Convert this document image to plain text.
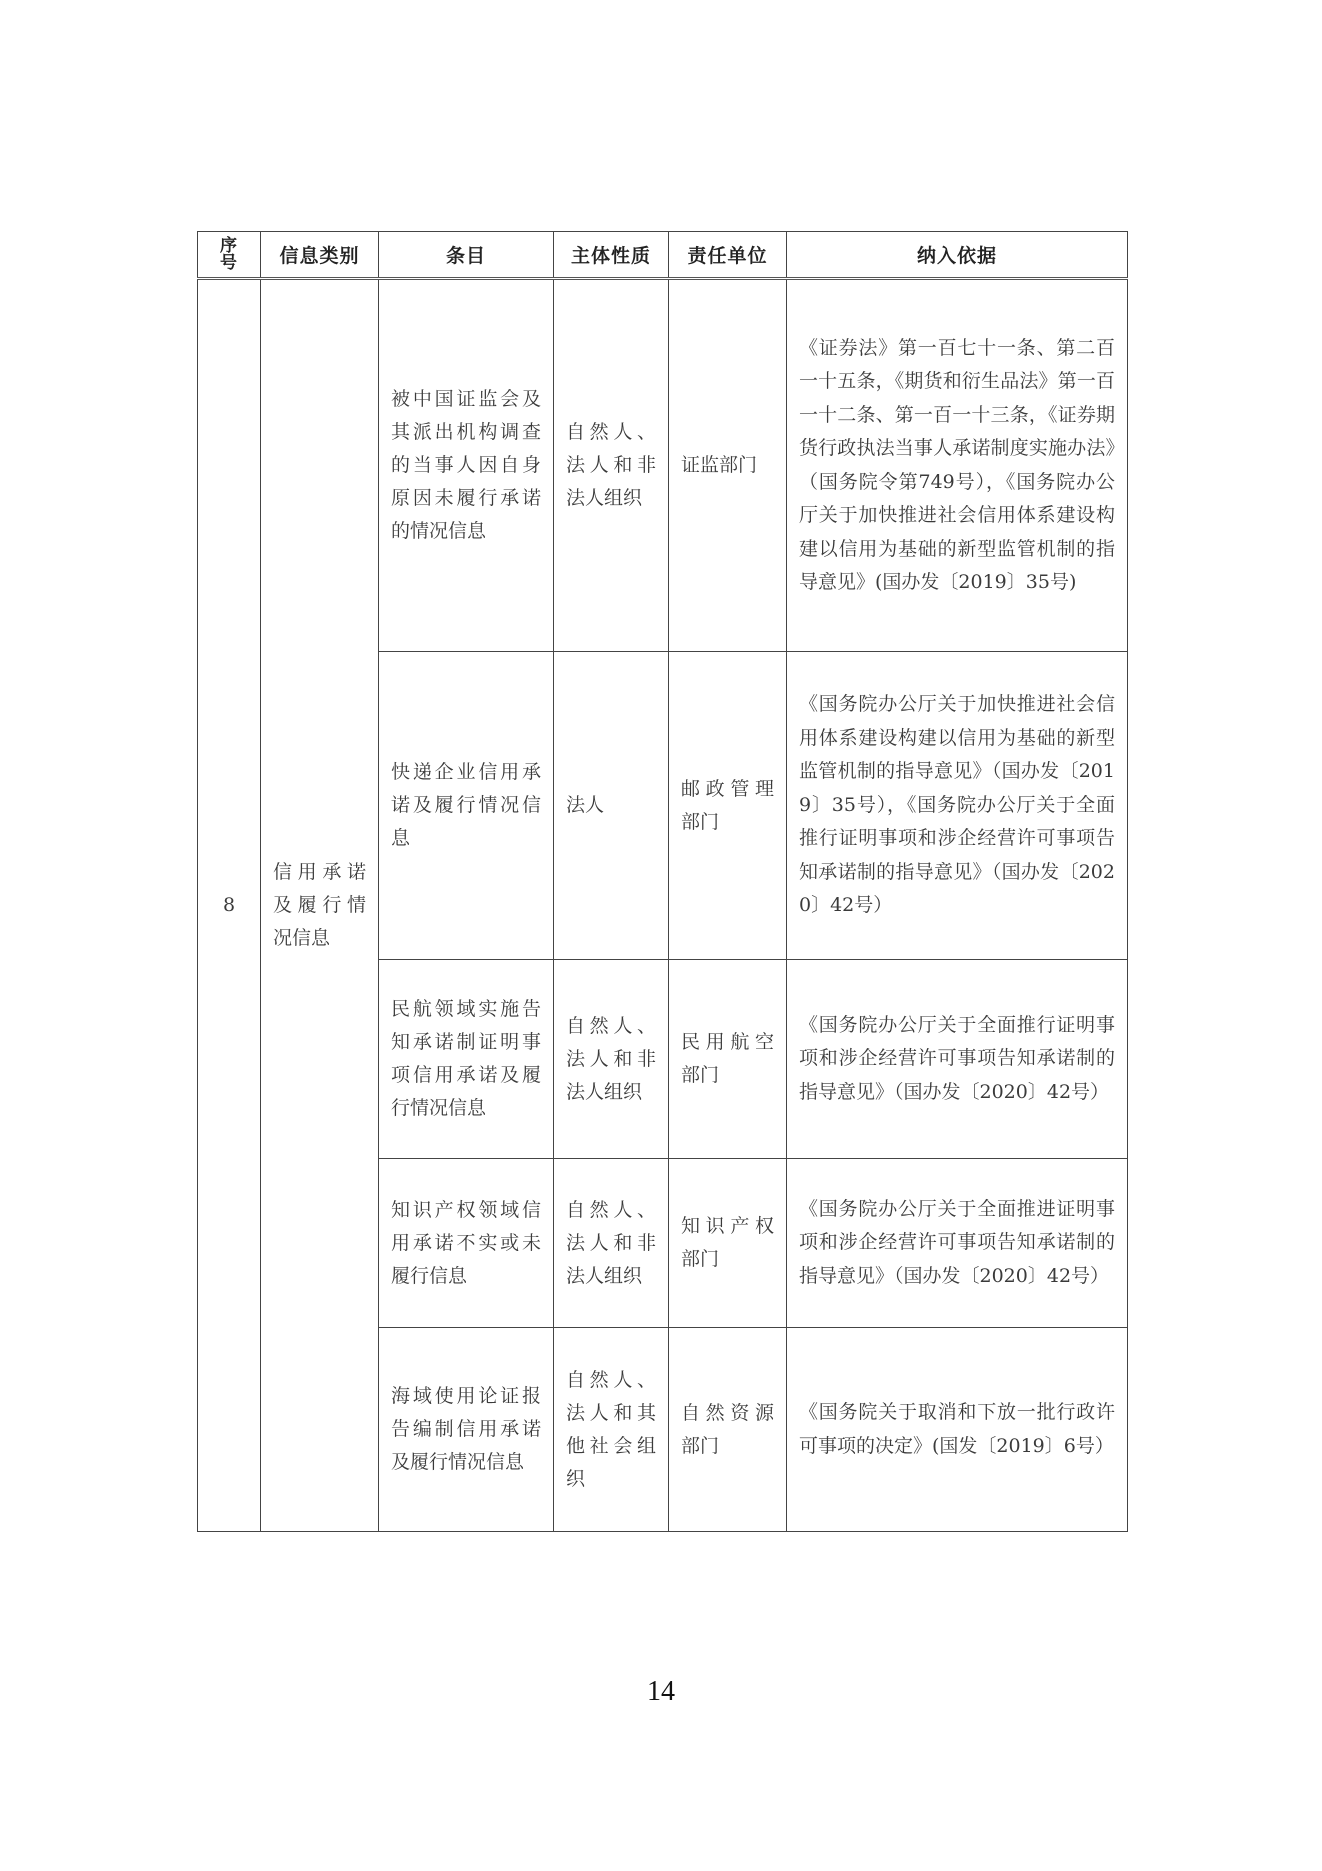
序号	信息类别	条目	主体性质	责任单位	纳入依据

8	信用承诺及履行情况信息	被中国证监会及其派出机构调查的当事人因自身原因未履行承诺的情况信息	自然人、法人和非法人组织	证监部门	《证券法》第一百七十一条、第二百一十五条，《期货和衍生品法》第一百一十二条、第一百一十三条，《证券期货行政执法当事人承诺制度实施办法》（国务院令第749号），《国务院办公厅关于加快推进社会信用体系建设构建以信用为基础的新型监管机制的指导意见》(国办发〔2019〕35号)

		快递企业信用承诺及履行情况信息	法人	邮政管理部门	《国务院办公厅关于加快推进社会信用体系建设构建以信用为基础的新型监管机制的指导意见》（国办发〔2019〕35号），《国务院办公厅关于全面推行证明事项和涉企经营许可事项告知承诺制的指导意见》（国办发〔2020〕42号）

		民航领域实施告知承诺制证明事项信用承诺及履行情况信息	自然人、法人和非法人组织	民用航空部门	《国务院办公厅关于全面推行证明事项和涉企经营许可事项告知承诺制的指导意见》（国办发〔2020〕42号）

		知识产权领域信用承诺不实或未履行信息	自然人、法人和非法人组织	知识产权部门	《国务院办公厅关于全面推进证明事项和涉企经营许可事项告知承诺制的指导意见》（国办发〔2020〕42号）

		海域使用论证报告编制信用承诺及履行情况信息	自然人、法人和其他社会组织	自然资源部门	《国务院关于取消和下放一批行政许可事项的决定》(国发〔2019〕6号）
14
